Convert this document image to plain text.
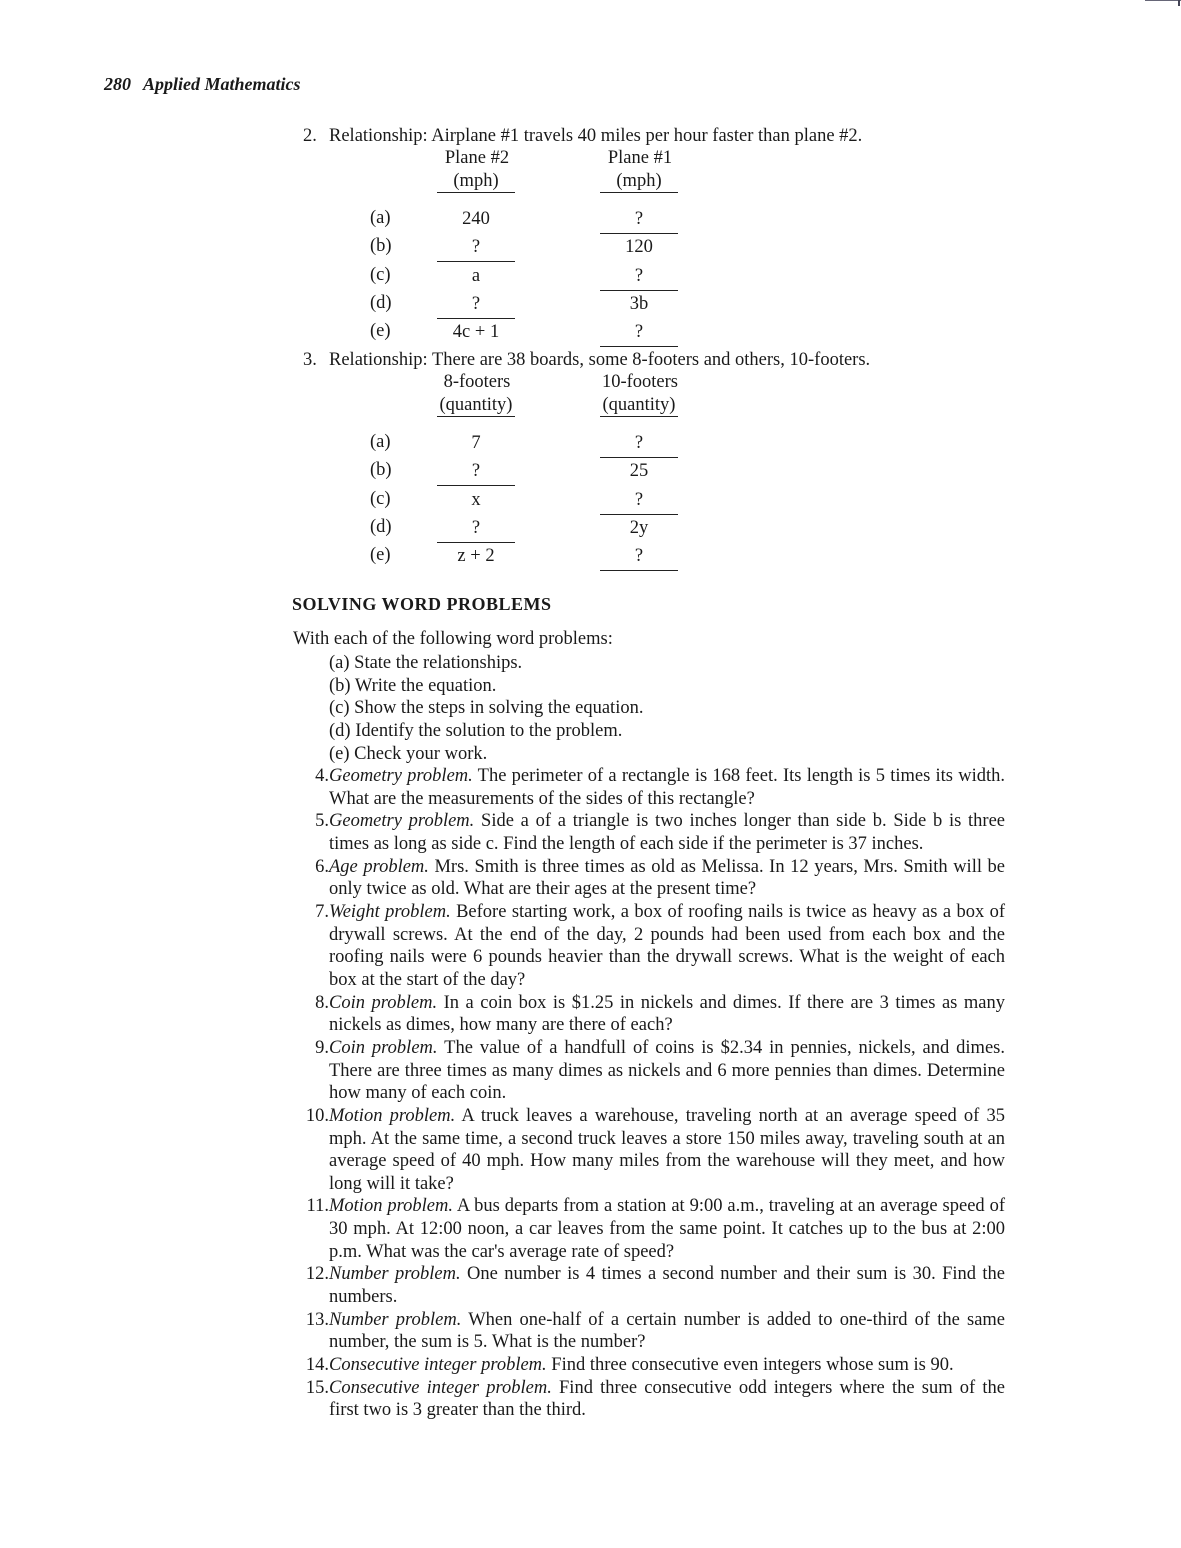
280 Applied Mathematics
2. Relationship: Airplane #1 travels 40 miles per hour faster than plane #2.
Plane #2	Plane #1
(mph)	(mph)
(a)	240	?
(b)	?	120
(c)	a	?
(d)	?	3b
(e)	4c + 1	?
3. Relationship: There are 38 boards, some 8-footers and others, 10-footers.
8-footers	10-footers
(quantity)	(quantity)
(a)	7	?
(b)	?	25
(c)	x	?
(d)	?	2y
(e)	z + 2	?
SOLVING WORD PROBLEMS
With each of the following word problems:
(a) State the relationships.
(b) Write the equation.
(c) Show the steps in solving the equation.
(d) Identify the solution to the problem.
(e) Check your work.
4. Geometry problem. The perimeter of a rectangle is 168 feet. Its length is 5 times its width. What are the measurements of the sides of this rectangle?
5. Geometry problem. Side a of a triangle is two inches longer than side b. Side b is three times as long as side c. Find the length of each side if the perimeter is 37 inches.
6. Age problem. Mrs. Smith is three times as old as Melissa. In 12 years, Mrs. Smith will be only twice as old. What are their ages at the present time?
7. Weight problem. Before starting work, a box of roofing nails is twice as heavy as a box of drywall screws. At the end of the day, 2 pounds had been used from each box and the roofing nails were 6 pounds heavier than the drywall screws. What is the weight of each box at the start of the day?
8. Coin problem. In a coin box is $1.25 in nickels and dimes. If there are 3 times as many nickels as dimes, how many are there of each?
9. Coin problem. The value of a handfull of coins is $2.34 in pennies, nickels, and dimes. There are three times as many dimes as nickels and 6 more pennies than dimes. Determine how many of each coin.
10. Motion problem. A truck leaves a warehouse, traveling north at an average speed of 35 mph. At the same time, a second truck leaves a store 150 miles away, traveling south at an average speed of 40 mph. How many miles from the warehouse will they meet, and how long will it take?
11. Motion problem. A bus departs from a station at 9:00 a.m., traveling at an average speed of 30 mph. At 12:00 noon, a car leaves from the same point. It catches up to the bus at 2:00 p.m. What was the car's average rate of speed?
12. Number problem. One number is 4 times a second number and their sum is 30. Find the numbers.
13. Number problem. When one-half of a certain number is added to one-third of the same number, the sum is 5. What is the number?
14. Consecutive integer problem. Find three consecutive even integers whose sum is 90.
15. Consecutive integer problem. Find three consecutive odd integers where the sum of the first two is 3 greater than the third.
